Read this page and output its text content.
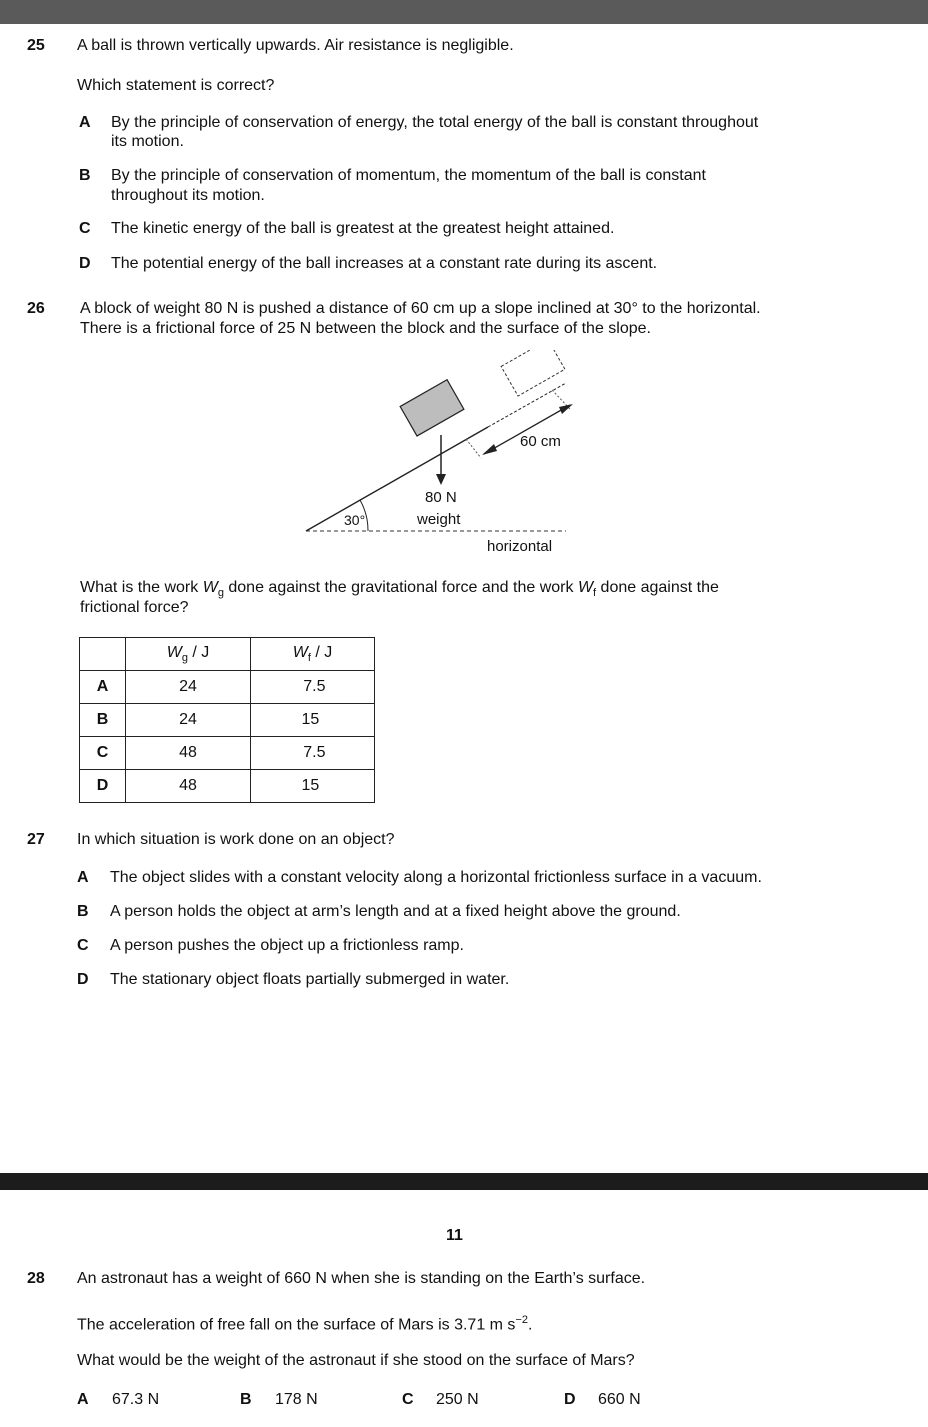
25 A ball is thrown vertically upwards. Air resistance is negligible.
Which statement is correct?
A By the principle of conservation of energy, the total energy of the ball is constant throughout
its motion.
B By the principle of conservation of momentum, the momentum of the ball is constant
throughout its motion.
C The kinetic energy of the ball is greatest at the greatest height attained.
D The potential energy of the ball increases at a constant rate during its ascent.
26 A block of weight 80 N is pushed a distance of 60 cm up a slope inclined at 30° to the horizontal.
There is a frictional force of 25 N between the block and the surface of the slope.
60 cm
80 N
weight
30°
horizontal
What is the work $W_g$ done against the gravitational force and the work $W_f$ done against the
frictional force?
	$W_g$ / J	$W_f$ / J
A	24	7.5
B	24	15
C	48	7.5
D	48	15
27 In which situation is work done on an object?
A The object slides with a constant velocity along a horizontal frictionless surface in a vacuum.
B A person holds the object at arm’s length and at a fixed height above the ground.
C A person pushes the object up a frictionless ramp.
D The stationary object floats partially submerged in water.
11
28 An astronaut has a weight of 660 N when she is standing on the Earth’s surface.
The acceleration of free fall on the surface of Mars is 3.71 m $s^{-2}$.
What would be the weight of the astronaut if she stood on the surface of Mars?
A 67.3 N	B 178 N	C 250 N	D 660 N
